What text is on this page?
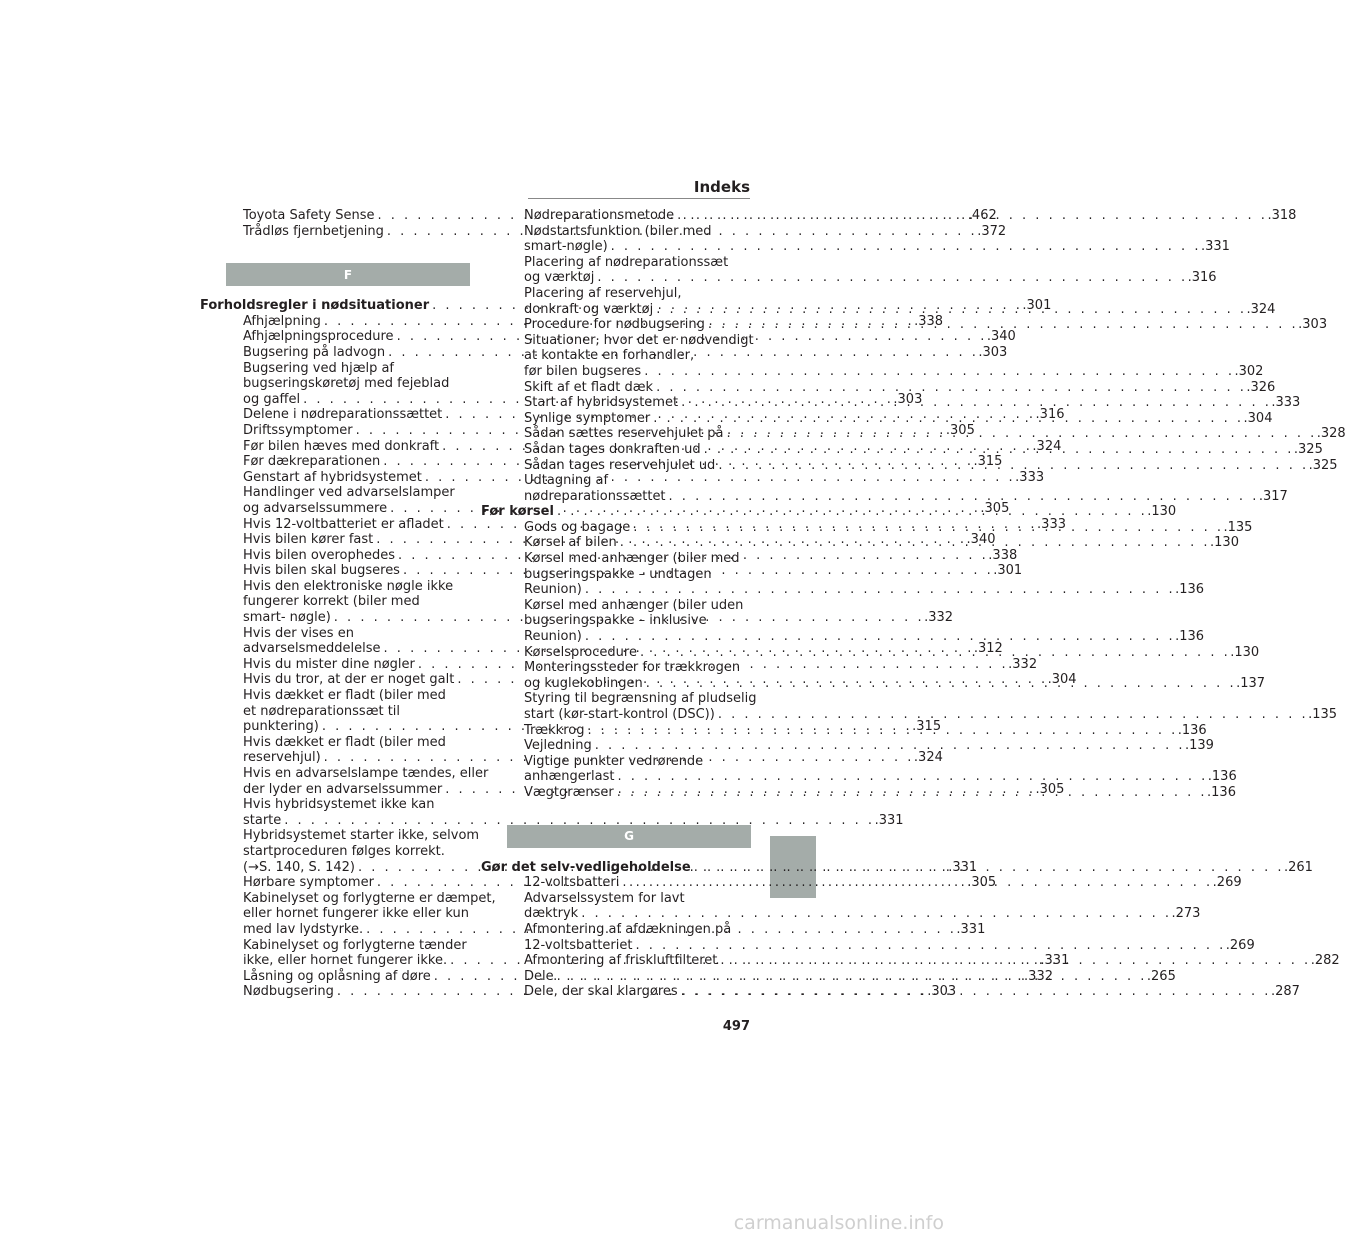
Indeks
Toyota Safety Sense . . .	.462
Trådløs fjernbetjening . . .	.372
F
Forholdsregler i nødsituationer . . .	.301
Afhjælpning . . .	.338
Afhjælpningsprocedure . . .	.340
Bugsering på ladvogn . . .	.303
Bugsering ved hjælp af
bugseringskøretøj med fejeblad
og gaffel . . .	.303
Delene i nødreparationssættet . . .	.316
Driftssymptomer . . .	.305
Før bilen hæves med donkraft . . .	.324
Før dækreparationen . . .	.315
Genstart af hybridsystemet . . .	.333
Handlinger ved advarselslamper
og advarselssummere . . .	.305
Hvis 12-voltbatteriet er afladet . . .	.333
Hvis bilen kører fast . . .	.340
Hvis bilen overophedes . . .	.338
Hvis bilen skal bugseres . . .	.301
Hvis den elektroniske nøgle ikke
fungerer korrekt (biler med
smart- nøgle) . . .	.332
Hvis der vises en
advarselsmeddelelse . . .	.312
Hvis du mister dine nøgler . . .	.332
Hvis du tror, at der er noget galt . . .	.304
Hvis dækket er fladt (biler med
et nødreparationssæt til
punktering) . . .	.315
Hvis dækket er fladt (biler med
reservehjul) . . .	.324
Hvis en advarselslampe tændes, eller
der lyder en advarselssummer . . .	.305
Hvis hybridsystemet ikke kan
starte . . .	.331
Hybridsystemet starter ikke, selvom
startproceduren følges korrekt.
(→S. 140, S. 142) . . .	.331
Hørbare symptomer . . .	.305
Kabinelyset og forlygterne er dæmpet,
eller hornet fungerer ikke eller kun
med lav lydstyrke. . . .	.331
Kabinelyset og forlygterne tænder
ikke, eller hornet fungerer ikke. . . .	.331
Låsning og oplåsning af døre . . .	.332
Nødbugsering . . .	.303
Nødreparationsmetode . . .	.318
Nødstartsfunktion (biler med
smart-nøgle) . . .	.331
Placering af nødreparationssæt
og værktøj . . .	.316
Placering af reservehjul,
donkraft og værktøj . . .	.324
Procedure for nødbugsering . . .	.303
Situationer, hvor det er nødvendigt
at kontakte en forhandler,
før bilen bugseres . . .	.302
Skift af et fladt dæk . . .	.326
Start af hybridsystemet . . .	.333
Synlige symptomer . . .	.304
Sådan sættes reservehjulet på . . .	.328
Sådan tages donkraften ud . . .	.325
Sådan tages reservehjulet ud . . .	.325
Udtagning af
nødreparationssættet . . .	.317
Før kørsel . . .	.130
Gods og bagage . . .	.135
Kørsel af bilen . . .	.130
Kørsel med anhænger (biler med
bugseringspakke – undtagen
Reunion) . . .	.136
Kørsel med anhænger (biler uden
bugseringspakke – inklusive
Reunion) . . .	.136
Kørselsprocedure . . .	.130
Monteringssteder for trækkrogen
og kuglekoblingen . . .	.137
Styring til begrænsning af pludselig
start (kør-start-kontrol (DSC)) . . .	.135
Trækkrog . . .	.136
Vejledning . . .	.139
Vigtige punkter vedrørende
anhængerlast . . .	.136
Vægtgrænser . . .	.136
G
Gør det selv-vedligeholdelse . . .	.261
12-voltsbatteri . . .	.269
Advarselssystem for lavt
dæktryk . . .	.273
Afmontering af afdækningen på
12-voltsbatteriet . . .	.269
Afmontering af friskluftfilteret . . .	.282
Dele . . .	.265
Dele, der skal klargøres . . .	.287
497
carmanualsonline.info
